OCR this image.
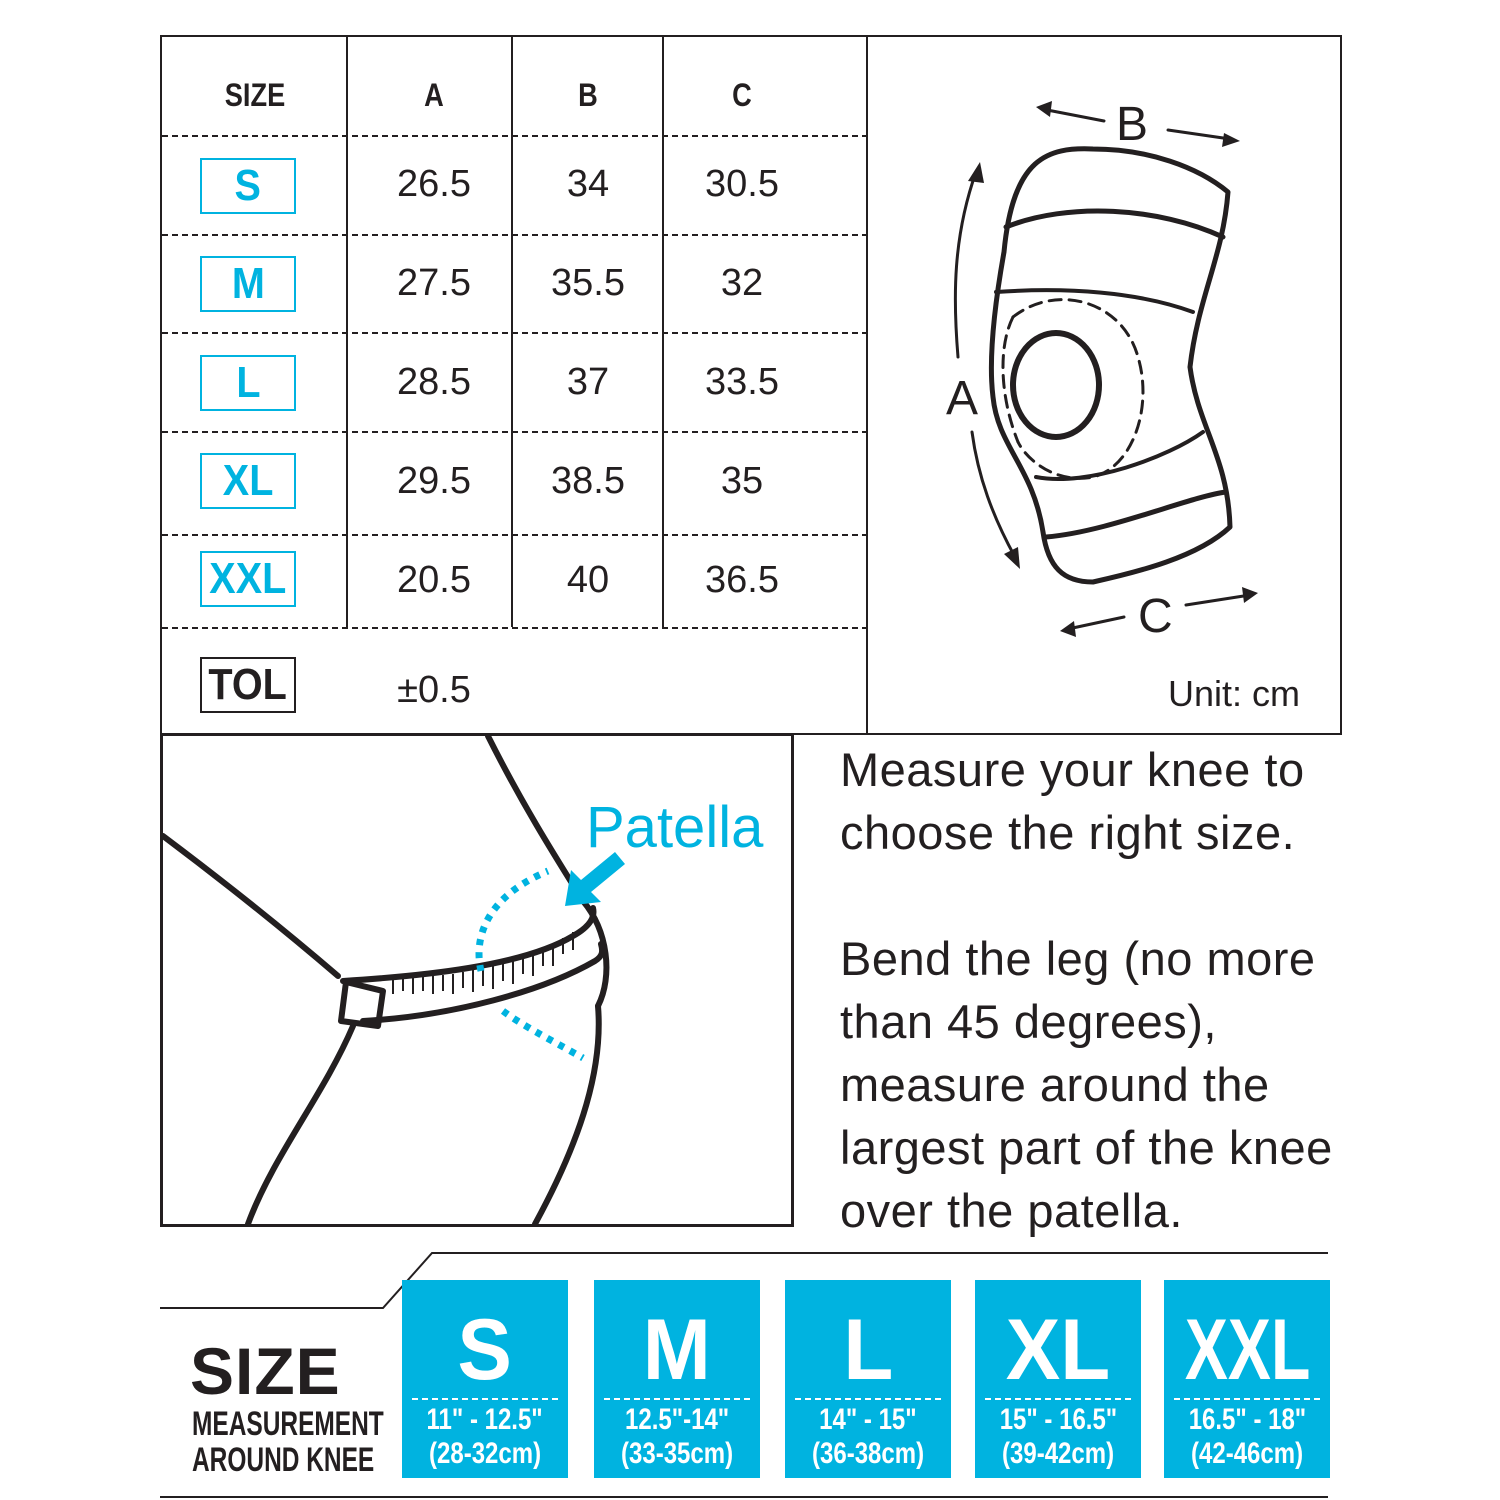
SIZE	A	B	C
S	26.5	34	30.5
M	27.5	35.5	32
L	28.5	37	33.5
XL	29.5	38.5	35
XXL	20.5	40	36.5
TOL	±0.5
B
A
C
Unit: cm
Patella

Measure your knee to choose the right size.

Bend the leg (no more than 45 degrees), measure around the largest part of the knee over the patella.

SIZE
MEASUREMENT
AROUND KNEE
S
11" - 12.5"
(28-32cm)
M
12.5"-14"
(33-35cm)
L
14" - 15"
(36-38cm)
XL
15" - 16.5"
(39-42cm)
XXL
16.5" - 18"
(42-46cm)
